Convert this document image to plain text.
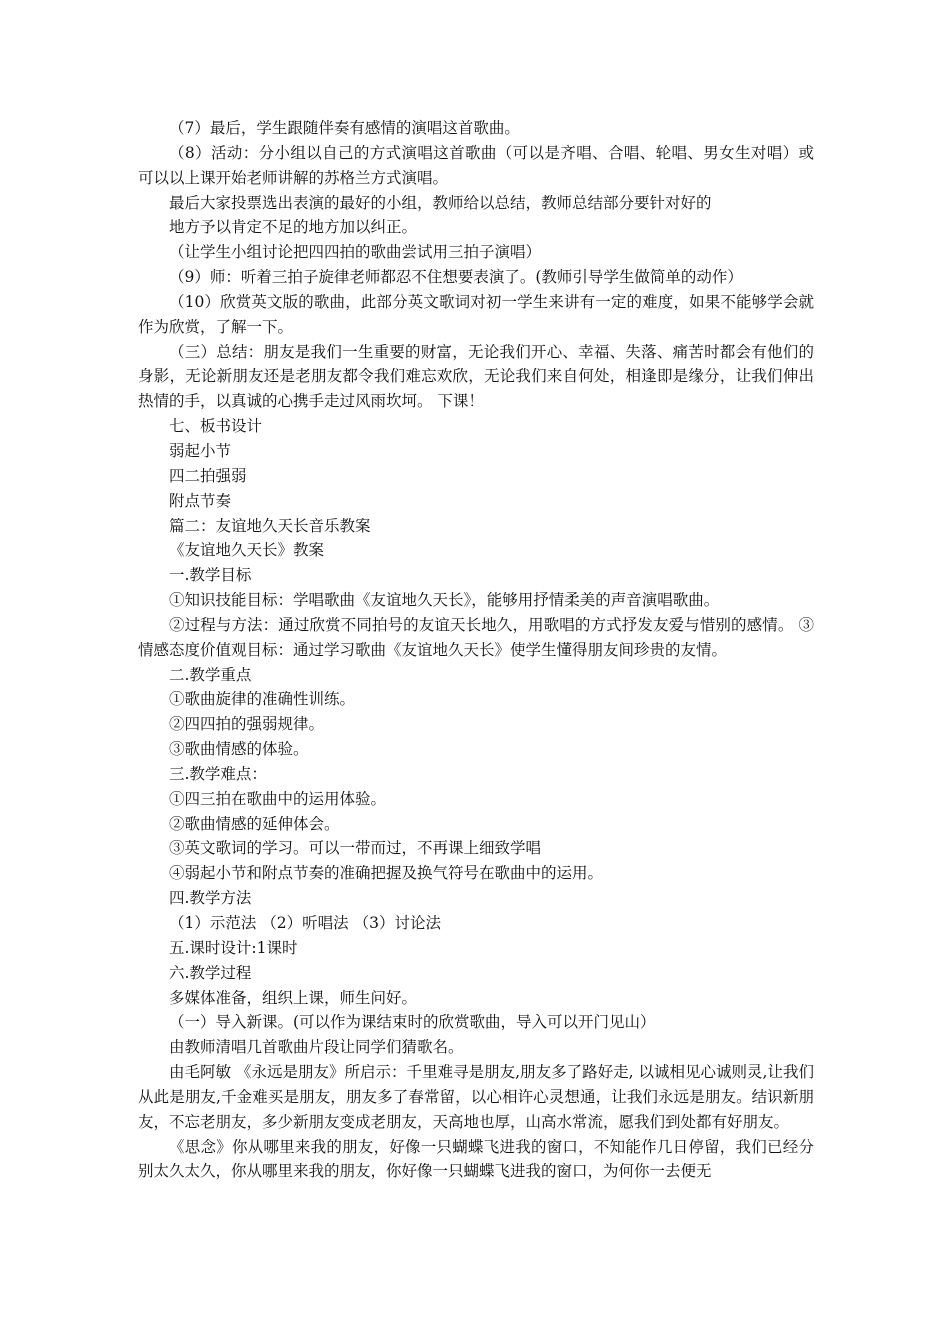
（7）最后，学生跟随伴奏有感情的演唱这首歌曲。

（8）活动：分小组以自己的方式演唱这首歌曲（可以是齐唱、合唱、轮唱、男女生对唱）或可以以上课开始老师讲解的苏格兰方式演唱。

最后大家投票选出表演的最好的小组，教师给以总结，教师总结部分要针对好的

地方予以肯定不足的地方加以纠正。

（让学生小组讨论把四四拍的歌曲尝试用三拍子演唱）

（9）师：听着三拍子旋律老师都忍不住想要表演了。(教师引导学生做简单的动作）

（10）欣赏英文版的歌曲，此部分英文歌词对初一学生来讲有一定的难度，如果不能够学会就作为欣赏，了解一下。

（三）总结：朋友是我们一生重要的财富，无论我们开心、幸福、失落、痛苦时都会有他们的身影，无论新朋友还是老朋友都令我们难忘欢欣，无论我们来自何处，相逢即是缘分，让我们伸出热情的手，以真诚的心携手走过风雨坎坷。 下课！

七、板书设计

弱起小节

四二拍强弱

附点节奏

篇二：友谊地久天长音乐教案

《友谊地久天长》教案

一.教学目标

①知识技能目标：学唱歌曲《友谊地久天长》，能够用抒情柔美的声音演唱歌曲。

②过程与方法：通过欣赏不同拍号的友谊天长地久，用歌唱的方式抒发友爱与惜别的感情。 ③情感态度价值观目标：通过学习歌曲《友谊地久天长》使学生懂得朋友间珍贵的友情。

二.教学重点

①歌曲旋律的准确性训练。

②四四拍的强弱规律。

③歌曲情感的体验。

三.教学难点：

①四三拍在歌曲中的运用体验。

②歌曲情感的延伸体会。

③英文歌词的学习。可以一带而过，不再课上细致学唱

④弱起小节和附点节奏的准确把握及换气符号在歌曲中的运用。

四.教学方法

（1）示范法 （2）听唱法 （3）讨论法

五.课时设计:1课时

六.教学过程

多媒体准备，组织上课，师生问好。

（一）导入新课。(可以作为课结束时的欣赏歌曲，导入可以开门见山）

由教师清唱几首歌曲片段让同学们猜歌名。

由毛阿敏 《永远是朋友》所启示：千里难寻是朋友,朋友多了路好走, 以诚相见心诚则灵,让我们从此是朋友,千金难买是朋友，朋友多了春常留，以心相许心灵想通，让我们永远是朋友。结识新朋友，不忘老朋友，多少新朋友变成老朋友，天高地也厚，山高水常流，愿我们到处都有好朋友。

《思念》你从哪里来我的朋友，好像一只蝴蝶飞进我的窗口，不知能作几日停留，我们已经分别太久太久，你从哪里来我的朋友，你好像一只蝴蝶飞进我的窗口，为何你一去便无
